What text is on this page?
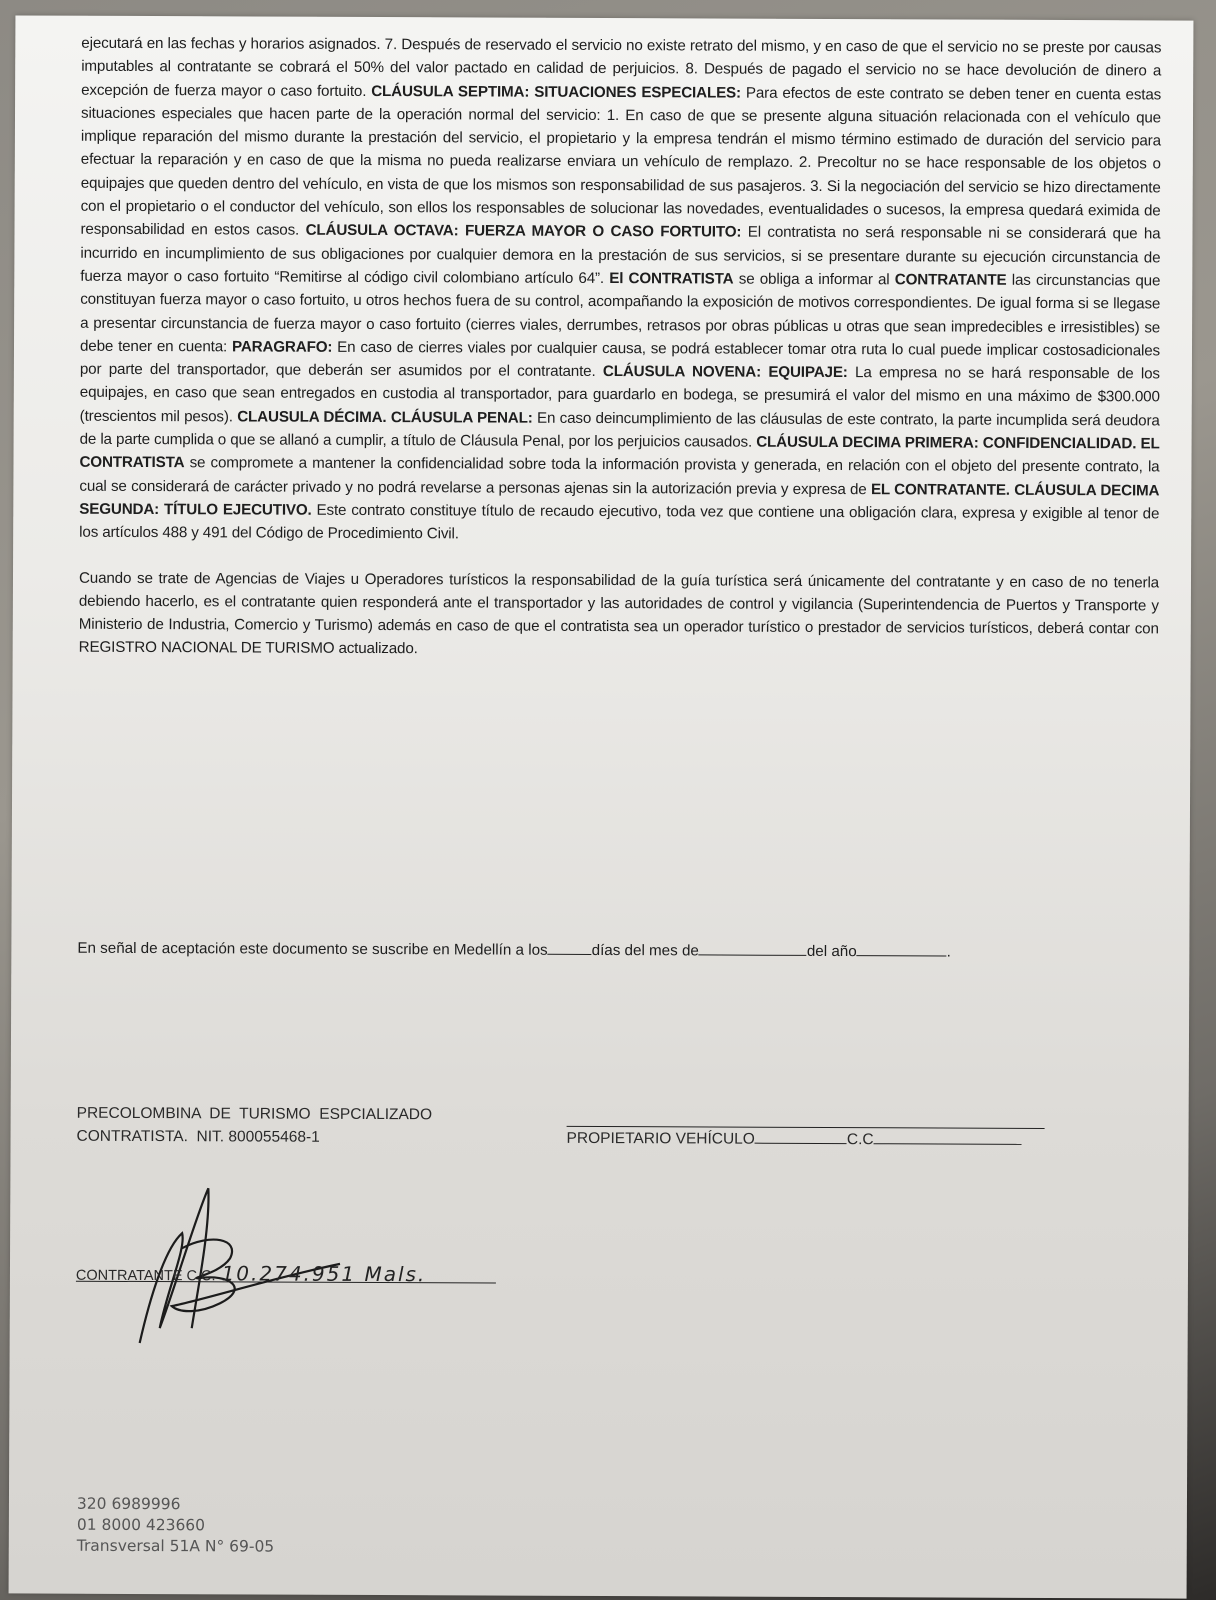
ejecutará en las fechas y horarios asignados. 7. Después de reservado el servicio no existe retrato del mismo, y en caso de que el servicio no se preste por causas imputables al contratante se cobrará el 50% del valor pactado en calidad de perjuicios. 8. Después de pagado el servicio no se hace devolución de dinero a excepción de fuerza mayor o caso fortuito. CLÁUSULA SEPTIMA: SITUACIONES ESPECIALES: Para efectos de este contrato se deben tener en cuenta estas situaciones especiales que hacen parte de la operación normal del servicio: 1. En caso de que se presente alguna situación relacionada con el vehículo que implique reparación del mismo durante la prestación del servicio, el propietario y la empresa tendrán el mismo término estimado de duración del servicio para efectuar la reparación y en caso de que la misma no pueda realizarse enviara un vehículo de remplazo. 2. Precoltur no se hace responsable de los objetos o equipajes que queden dentro del vehículo, en vista de que los mismos son responsabilidad de sus pasajeros. 3. Si la negociación del servicio se hizo directamente con el propietario o el conductor del vehículo, son ellos los responsables de solucionar las novedades, eventualidades o sucesos, la empresa quedará eximida de responsabilidad en estos casos. CLÁUSULA OCTAVA: FUERZA MAYOR O CASO FORTUITO: El contratista no será responsable ni se considerará que ha incurrido en incumplimiento de sus obligaciones por cualquier demora en la prestación de sus servicios, si se presentare durante su ejecución circunstancia de fuerza mayor o caso fortuito “Remitirse al código civil colombiano artículo 64”. El CONTRATISTA se obliga a informar al CONTRATANTE las circunstancias que constituyan fuerza mayor o caso fortuito, u otros hechos fuera de su control, acompañando la exposición de motivos correspondientes. De igual forma si se llegase a presentar circunstancia de fuerza mayor o caso fortuito (cierres viales, derrumbes, retrasos por obras públicas u otras que sean impredecibles e irresistibles) se debe tener en cuenta: PARAGRAFO: En caso de cierres viales por cualquier causa, se podrá establecer tomar otra ruta lo cual puede implicar costosadicionales por parte del transportador, que deberán ser asumidos por el contratante. CLÁUSULA NOVENA: EQUIPAJE: La empresa no se hará responsable de los equipajes, en caso que sean entregados en custodia al transportador, para guardarlo en bodega, se presumirá el valor del mismo en una máximo de $300.000 (trescientos mil pesos). CLAUSULA DÉCIMA. CLÁUSULA PENAL: En caso deincumplimiento de las cláusulas de este contrato, la parte incumplida será deudora de la parte cumplida o que se allanó a cumplir, a título de Cláusula Penal, por los perjuicios causados. CLÁUSULA DECIMA PRIMERA: CONFIDENCIALIDAD. EL CONTRATISTA se compromete a mantener la confidencialidad sobre toda la información provista y generada, en relación con el objeto del presente contrato, la cual se considerará de carácter privado y no podrá revelarse a personas ajenas sin la autorización previa y expresa de EL CONTRATANTE. CLÁUSULA DECIMA SEGUNDA: TÍTULO EJECUTIVO. Este contrato constituye título de recaudo ejecutivo, toda vez que contiene una obligación clara, expresa y exigible al tenor de los artículos 488 y 491 del Código de Procedimiento Civil.

Cuando se trate de Agencias de Viajes u Operadores turísticos la responsabilidad de la guía turística será únicamente del contratante y en caso de no tenerla debiendo hacerlo, es el contratante quien responderá ante el transportador y las autoridades de control y vigilancia (Superintendencia de Puertos y Transporte y Ministerio de Industria, Comercio y Turismo) además en caso de que el contratista sea un operador turístico o prestador de servicios turísticos, deberá contar con REGISTRO NACIONAL DE TURISMO actualizado.

En señal de aceptación este documento se suscribe en Medellín a los	días del mes de	del año	.
PRECOLOMBINA  DE  TURISMO  ESPCIALIZADO
CONTRATISTA.  NIT. 800055468-1	PROPIETARIO VEHÍCULO	C.C
CONTRATANTE C.C. 10.274.951 Mals.
320 6989996
01 8000 423660
Transversal 51A N° 69-05
